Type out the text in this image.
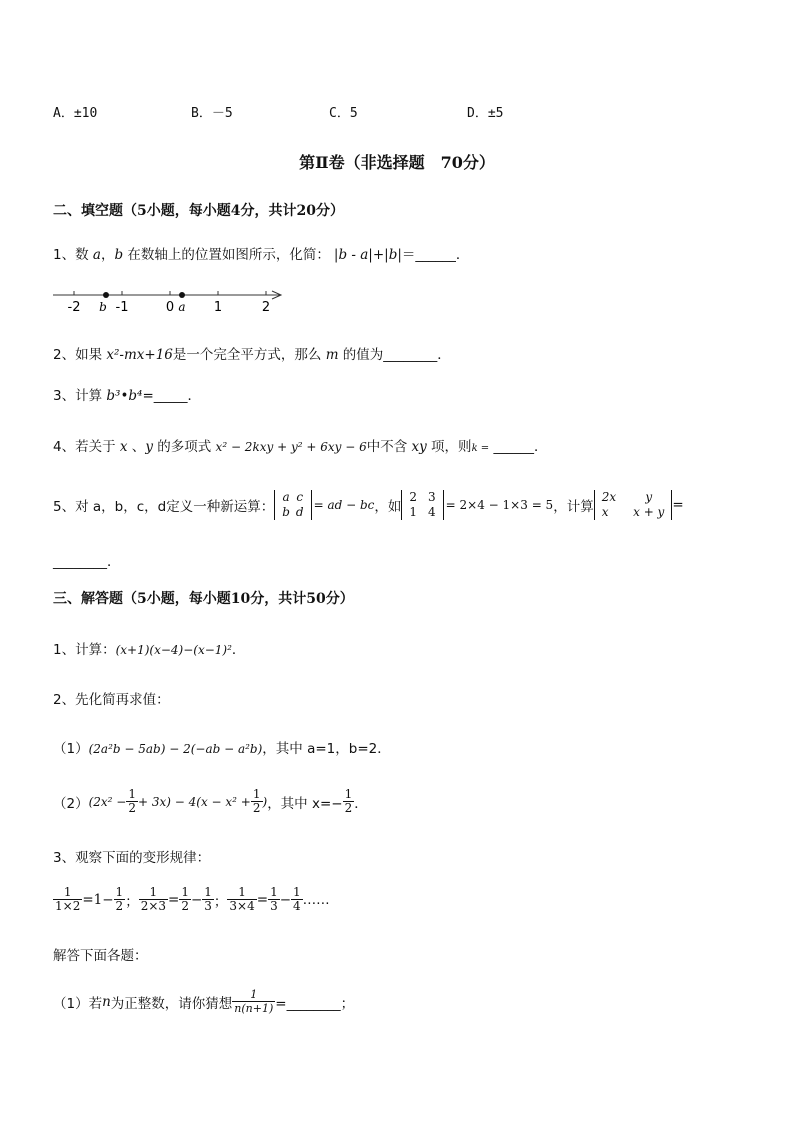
A．±10	B．－5	C．5	D．±5
第Ⅱ卷（非选择题　70分）
二、填空题（5小题，每小题4分，共计20分）
1、数 a，b 在数轴上的位置如图所示，化简： |b - a|+|b|＝______．
-2	-1	0	1	2
b	a
2、如果 x²-mx+16是一个完全平方式，那么 m 的值为________．
3、计算 b³•b⁴=_____．
4、若关于 x 、y 的多项式 x² − 2kxy + y² + 6xy − 6中不含 xy 项，则k = ______．
5、对 a，b，c，d定义一种新运算：
a	c
b	d = ad − bc ，如
2	3
1	4 = 2×4 − 1×3 = 5 ，计算
2x	y
x	x + y =
________．
三、解答题（5小题，每小题10分，共计50分）
1、计算：(x+1)(x−4)−(x−1)²．
2、先化简再求值：
（1）(2a²b − 5ab) − 2(−ab − a²b)，其中 a=1，b=2．
（2） $(2x^2 - \frac{1}{2} + 3x) - 4(x - x^2 + \frac{1}{2}$ ) ，其中 $x=- \frac{1}{2}$ ．
3、观察下面的变形规律：
$\frac{1}{1\times 2} =1- \frac{1}{2}$ ； $\frac{1}{2\times 3} = \frac{1}{2} - \frac{1}{3}$ ； $\frac{1}{3\times 4} = \frac{1}{3} - \frac{1}{4}$ ……
解答下面各题：
（1）若 n 为正整数，请你猜想 $\frac{1}{n(n+1)}$ =________；
